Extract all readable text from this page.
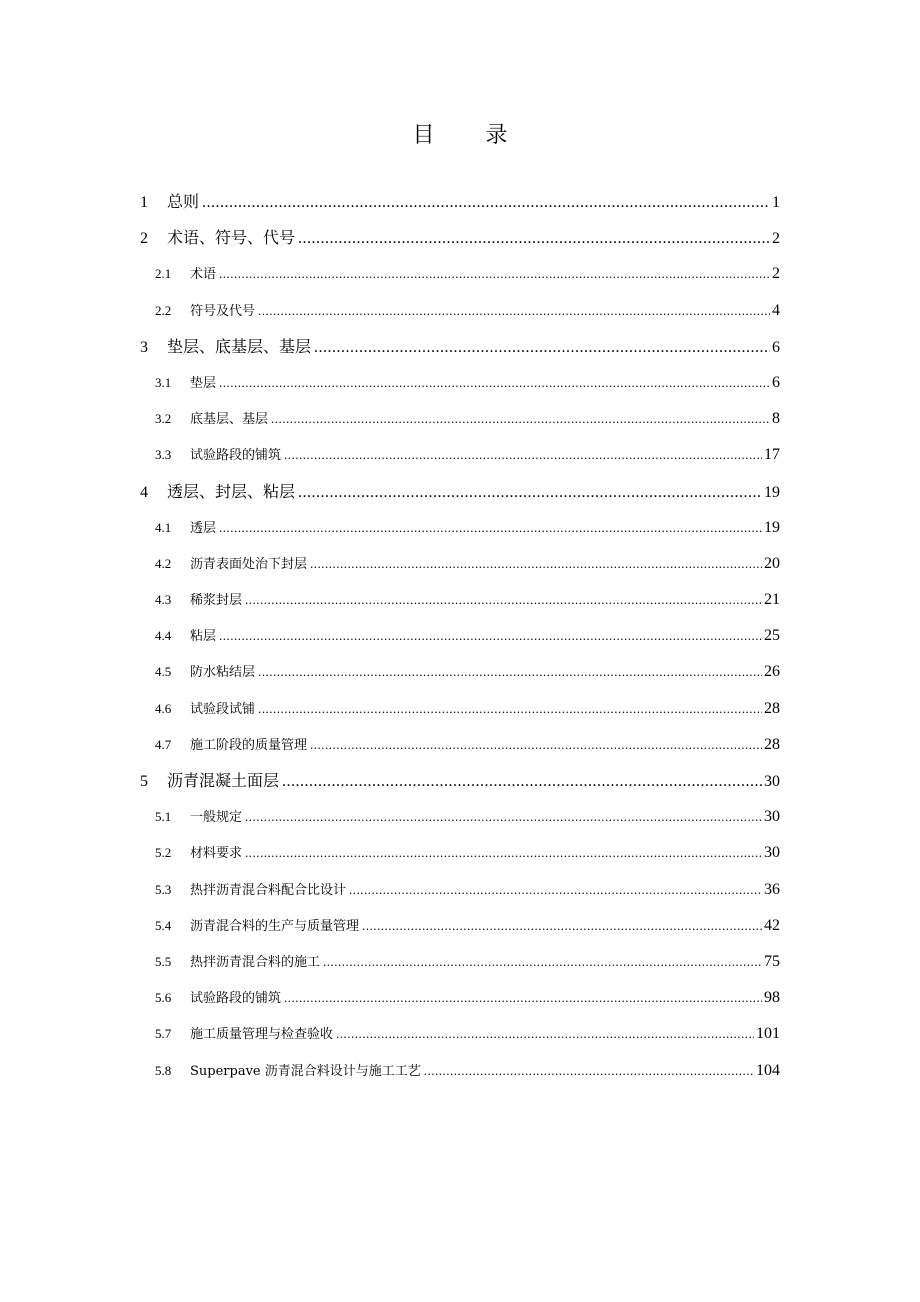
目 录
1	总则 .....	1
2	术语、符号、代号 .....	2
2.1	术语 .....	2
2.2	符号及代号 .....	4
3	垫层、底基层、基层 .....	6
3.1	垫层 .....	6
3.2	底基层、基层 .....	8
3.3	试验路段的铺筑 .....	17
4	透层、封层、粘层 .....	19
4.1	透层 .....	19
4.2	沥青表面处治下封层 .....	20
4.3	稀浆封层 .....	21
4.4	粘层 .....	25
4.5	防水粘结层 .....	26
4.6	试验段试铺 .....	28
4.7	施工阶段的质量管理 .....	28
5	沥青混凝土面层 .....	30
5.1	一般规定 .....	30
5.2	材料要求 .....	30
5.3	热拌沥青混合料配合比设计 .....	36
5.4	沥青混合料的生产与质量管理 .....	42
5.5	热拌沥青混合料的施工 .....	75
5.6	试验路段的铺筑 .....	98
5.7	施工质量管理与检查验收 .....	101
5.8	Superpave 沥青混合料设计与施工工艺 .....	104
